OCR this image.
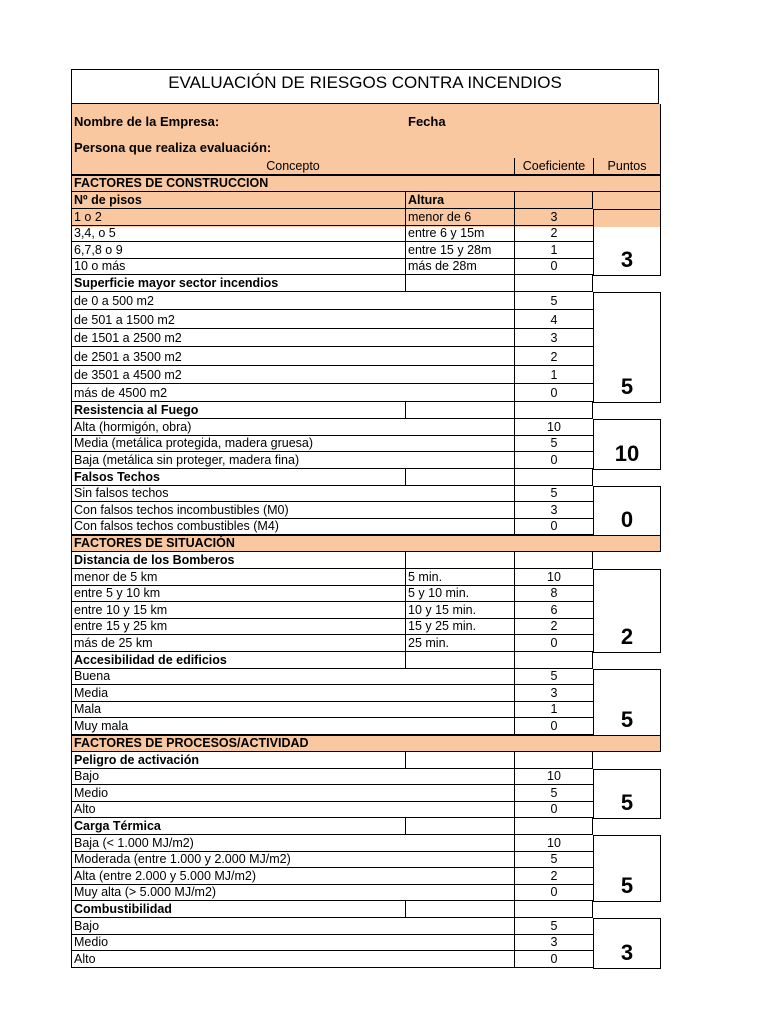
EVALUACIÓN DE RIESGOS CONTRA INCENDIOS
Nombre de la Empresa:	Fecha
Persona que realiza evaluación:
Concepto	Coeficiente	Puntos
FACTORES DE CONSTRUCCION
Nº de pisos	Altura
1 o 2	menor de 6	3
3,4, o 5	entre 6 y 15m	2
6,7,8 o 9	entre 15 y 28m	1
10 o más	más de 28m	0	3
Superficie mayor sector incendios
de 0 a 500 m2	5
de 501 a 1500 m2	4
de 1501 a 2500 m2	3
de 2501 a 3500 m2	2
de 3501 a 4500 m2	1
más de 4500 m2	0	5
Resistencia al Fuego
Alta (hormigón, obra)	10
Media (metálica protegida, madera gruesa)	5
Baja (metálica sin proteger, madera fina)	0	10
Falsos Techos
Sin falsos techos	5
Con falsos techos incombustibles (M0)	3
Con falsos techos combustibles (M4)	0	0
FACTORES DE SITUACIÓN
Distancia de los Bomberos
menor de 5 km	5 min.	10
entre 5 y 10 km	5 y 10 min.	8
entre 10 y 15 km	10 y 15 min.	6
entre 15 y 25 km	15 y 25 min.	2
más de 25 km	25 min.	0	2
Accesibilidad de edificios
Buena	5
Media	3
Mala	1
Muy mala	0	5
FACTORES DE PROCESOS/ACTIVIDAD
Peligro de activación
Bajo	10
Medio	5
Alto	0	5
Carga Térmica
Baja (< 1.000 MJ/m2)	10
Moderada (entre 1.000 y 2.000 MJ/m2)	5
Alta (entre 2.000 y 5.000 MJ/m2)	2
Muy alta (> 5.000 MJ/m2)	0	5
Combustibilidad
Bajo	5
Medio	3
Alto	0	3
